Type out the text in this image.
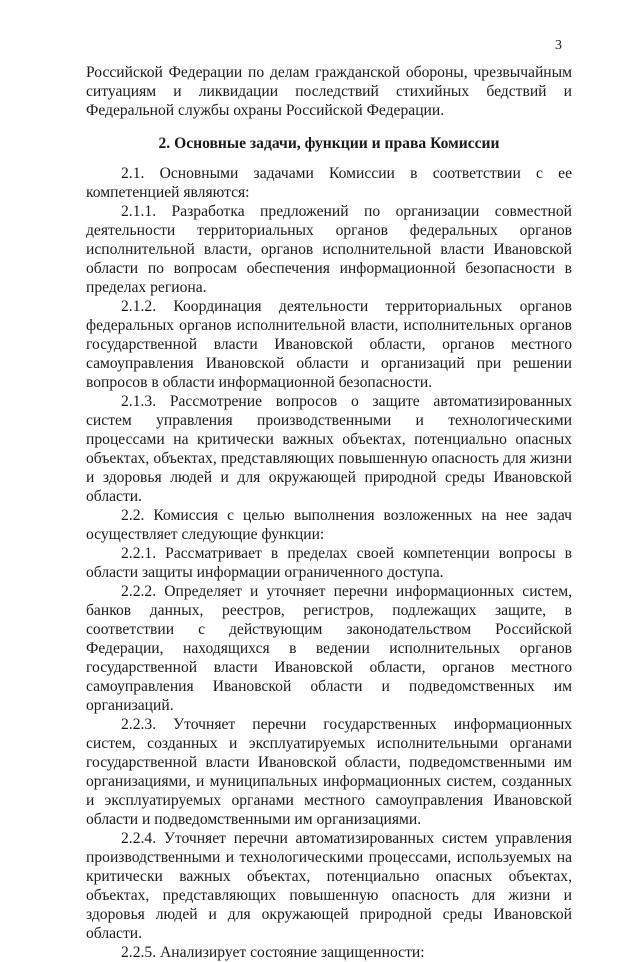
3

Российской Федерации по делам гражданской обороны, чрезвычайным ситуациям и ликвидации последствий стихийных бедствий и Федеральной службы охраны Российской Федерации.

2. Основные задачи, функции и права Комиссии

2.1. Основными задачами Комиссии в соответствии с ее компетенцией являются:

2.1.1. Разработка предложений по организации совместной деятельности территориальных органов федеральных органов исполнительной власти, органов исполнительной власти Ивановской области по вопросам обеспечения информационной безопасности в пределах региона.

2.1.2. Координация деятельности территориальных органов федеральных органов исполнительной власти, исполнительных органов государственной власти Ивановской области, органов местного самоуправления Ивановской области и организаций при решении вопросов в области информационной безопасности.

2.1.3. Рассмотрение вопросов о защите автоматизированных систем управления производственными и технологическими процессами на критически важных объектах, потенциально опасных объектах, объектах, представляющих повышенную опасность для жизни и здоровья людей и для окружающей природной среды Ивановской области.

2.2. Комиссия с целью выполнения возложенных на нее задач осуществляет следующие функции:

2.2.1. Рассматривает в пределах своей компетенции вопросы в области защиты информации ограниченного доступа.

2.2.2. Определяет и уточняет перечни информационных систем, банков данных, реестров, регистров, подлежащих защите, в соответствии с действующим законодательством Российской Федерации, находящихся в ведении исполнительных органов государственной власти Ивановской области, органов местного самоуправления Ивановской области и подведомственных им организаций.

2.2.3. Уточняет перечни государственных информационных систем, созданных и эксплуатируемых исполнительными органами государственной власти Ивановской области, подведомственными им организациями, и муниципальных информационных систем, созданных и эксплуатируемых органами местного самоуправления Ивановской области и подведомственными им организациями.

2.2.4. Уточняет перечни автоматизированных систем управления производственными и технологическими процессами, используемых на критически важных объектах, потенциально опасных объектах, объектах, представляющих повышенную опасность для жизни и здоровья людей и для окружающей природной среды Ивановской области.

2.2.5. Анализирует состояние защищенности:
